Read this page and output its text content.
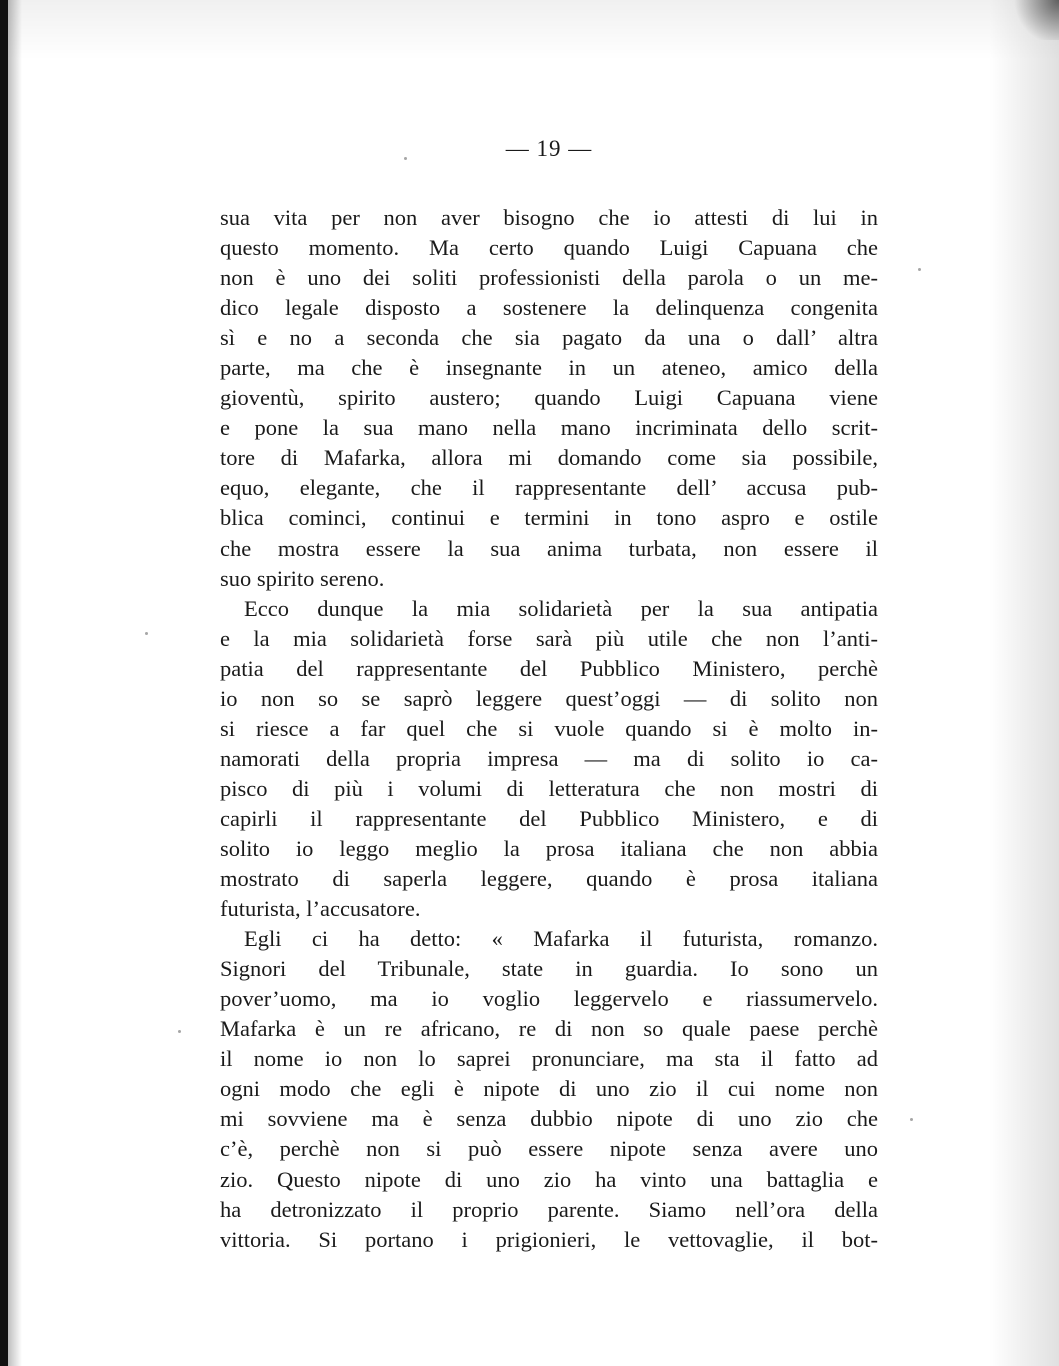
— 19 —
sua vita per non aver bisogno che io attesti di lui in
questo momento. Ma certo quando Luigi Capuana che
non è uno dei soliti professionisti della parola o un me-
dico legale disposto a sostenere la delinquenza congenita
sì e no a seconda che sia pagato da una o dall’ altra
parte, ma che è insegnante in un ateneo, amico della
gioventù, spirito austero; quando Luigi Capuana viene
e pone la sua mano nella mano incriminata dello scrit-
tore di Mafarka, allora mi domando come sia possibile,
equo, elegante, che il rappresentante dell’ accusa pub-
blica cominci, continui e termini in tono aspro e ostile
che mostra essere la sua anima turbata, non essere il
suo spirito sereno.
Ecco dunque la mia solidarietà per la sua antipatia
e la mia solidarietà forse sarà più utile che non l’anti-
patia del rappresentante del Pubblico Ministero, perchè
io non so se saprò leggere quest’oggi — di solito non
si riesce a far quel che si vuole quando si è molto in-
namorati della propria impresa — ma di solito io ca-
pisco di più i volumi di letteratura che non mostri di
capirli il rappresentante del Pubblico Ministero, e di
solito io leggo meglio la prosa italiana che non abbia
mostrato di saperla leggere, quando è prosa italiana
futurista, l’accusatore.
Egli ci ha detto: « Mafarka il futurista, romanzo.
Signori del Tribunale, state in guardia. Io sono un
pover’uomo, ma io voglio leggervelo e riassumervelo.
Mafarka è un re africano, re di non so quale paese perchè
il nome io non lo saprei pronunciare, ma sta il fatto ad
ogni modo che egli è nipote di uno zio il cui nome non
mi sovviene ma è senza dubbio nipote di uno zio che
c’è, perchè non si può essere nipote senza avere uno
zio. Questo nipote di uno zio ha vinto una battaglia e
ha detronizzato il proprio parente. Siamo nell’ora della
vittoria. Si portano i prigionieri, le vettovaglie, il bot-
